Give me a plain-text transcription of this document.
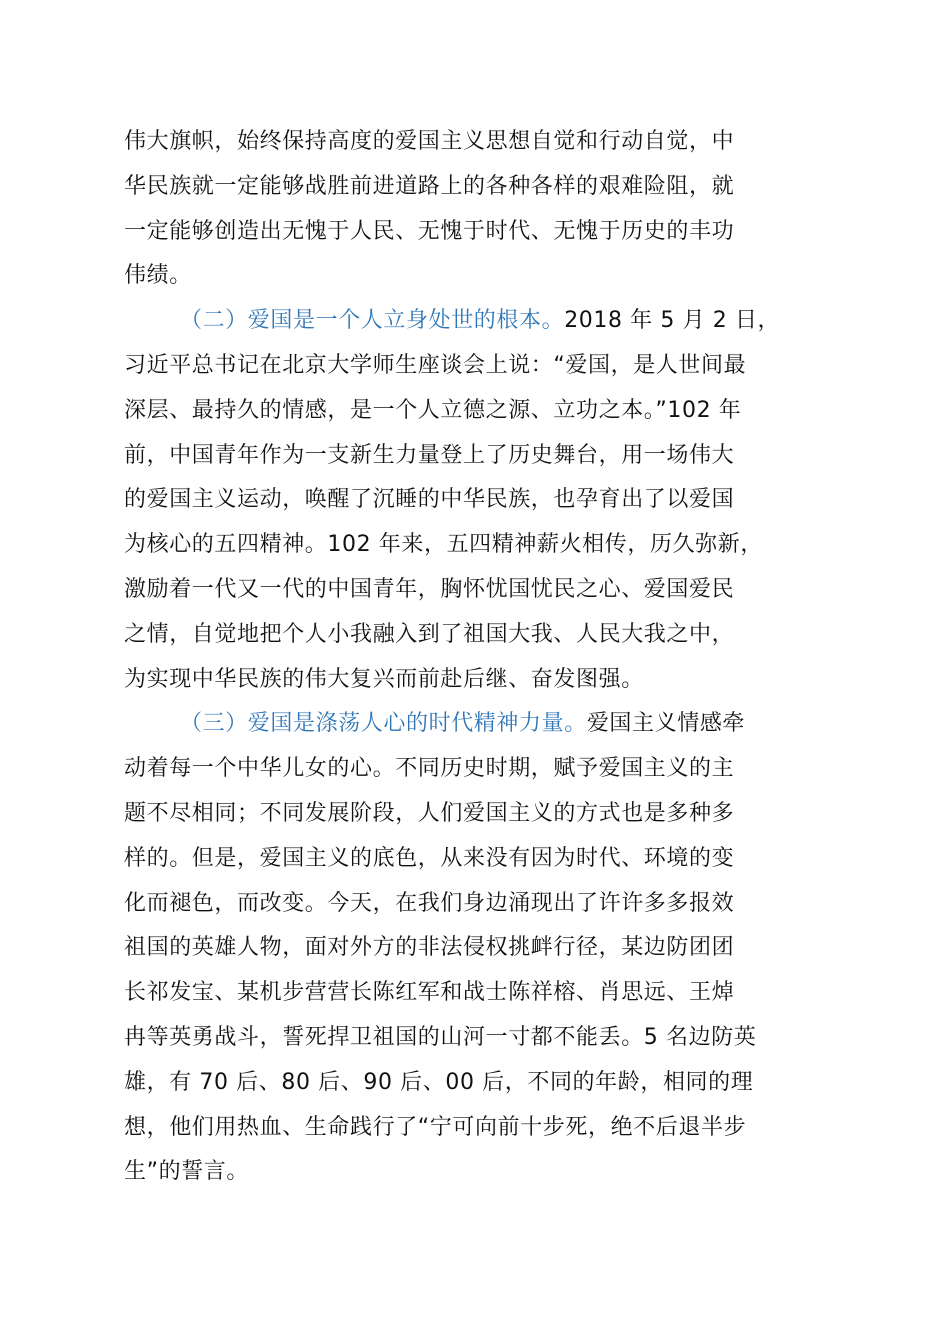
伟大旗帜，始终保持高度的爱国主义思想自觉和行动自觉，中
华民族就一定能够战胜前进道路上的各种各样的艰难险阻，就
一定能够创造出无愧于人民、无愧于时代、无愧于历史的丰功
伟绩。
（二）爱国是一个人立身处世的根本。2018 年 5 月 2 日，
习近平总书记在北京大学师生座谈会上说：“爱国，是人世间最
深层、最持久的情感，是一个人立德之源、立功之本。”102 年
前，中国青年作为一支新生力量登上了历史舞台，用一场伟大
的爱国主义运动，唤醒了沉睡的中华民族，也孕育出了以爱国
为核心的五四精神。102 年来，五四精神薪火相传，历久弥新，
激励着一代又一代的中国青年，胸怀忧国忧民之心、爱国爱民
之情，自觉地把个人小我融入到了祖国大我、人民大我之中，
为实现中华民族的伟大复兴而前赴后继、奋发图强。
（三）爱国是涤荡人心的时代精神力量。爱国主义情感牵
动着每一个中华儿女的心。不同历史时期，赋予爱国主义的主
题不尽相同；不同发展阶段，人们爱国主义的方式也是多种多
样的。但是，爱国主义的底色，从来没有因为时代、环境的变
化而褪色，而改变。今天，在我们身边涌现出了许许多多报效
祖国的英雄人物，面对外方的非法侵权挑衅行径，某边防团团
长祁发宝、某机步营营长陈红军和战士陈祥榕、肖思远、王焯
冉等英勇战斗，誓死捍卫祖国的山河一寸都不能丢。5 名边防英
雄，有 70 后、80 后、90 后、00 后，不同的年龄，相同的理
想，他们用热血、生命践行了“宁可向前十步死，绝不后退半步
生”的誓言。
